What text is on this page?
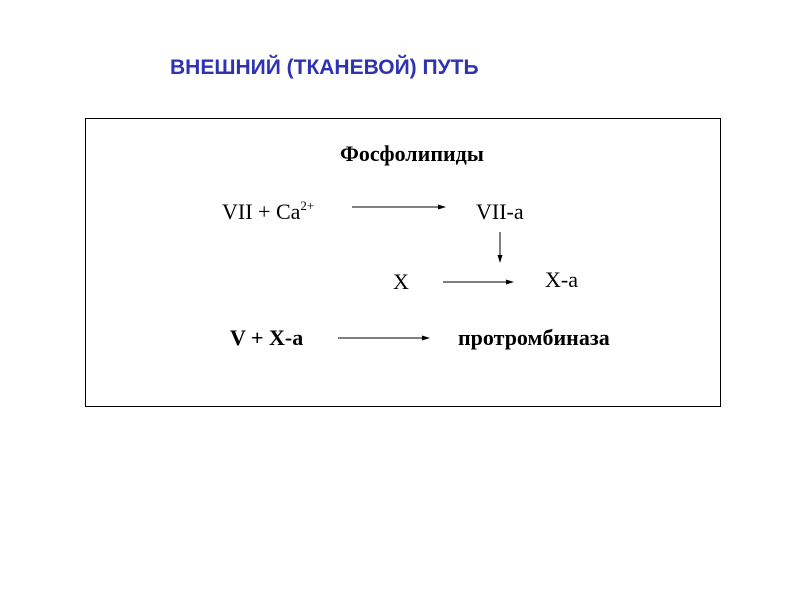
ВНЕШНИЙ (ТКАНЕВОЙ) ПУТЬ
Фосфолипиды
VII + $Ca^{2+}$	VII-a
X	X-a
V + X-a	протромбиназа
